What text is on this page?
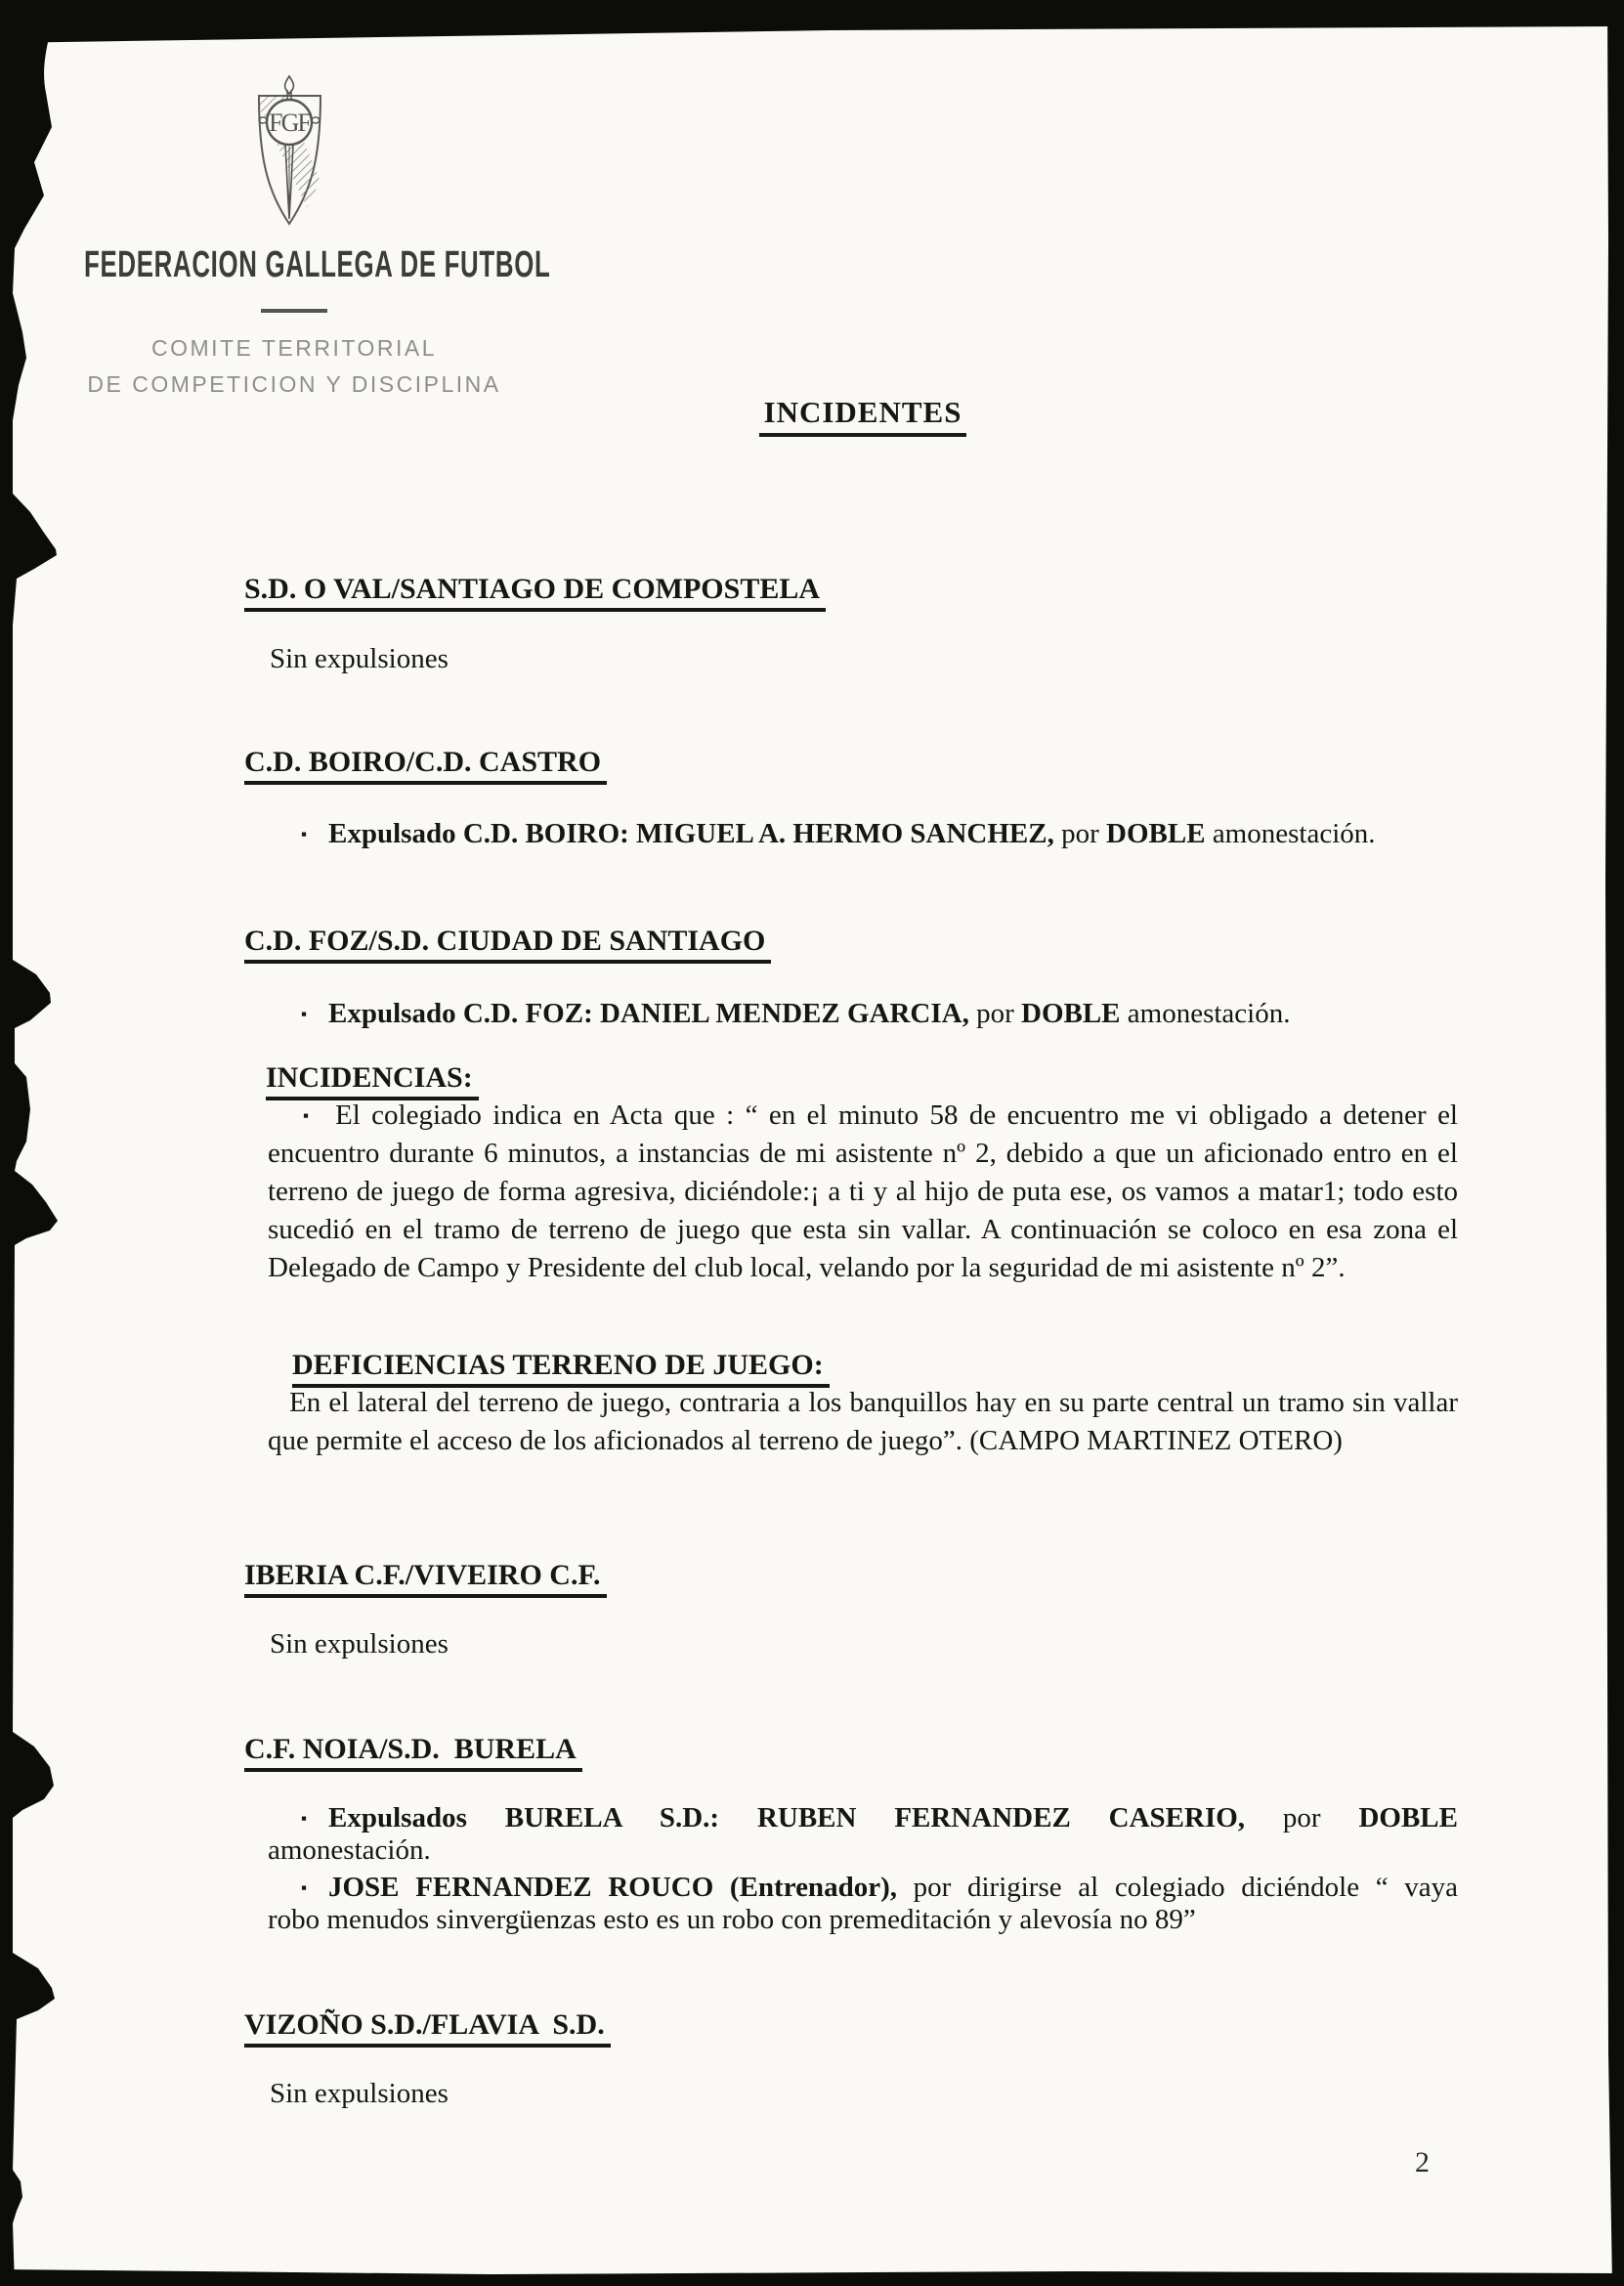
FGF
FEDERACION GALLEGA DE FUTBOL
COMITE TERRITORIAL
DE COMPETICION Y DISCIPLINA
INCIDENTES
S.D. O VAL/SANTIAGO DE COMPOSTELA
Sin expulsiones
C.D. BOIRO/C.D. CASTRO
▪ Expulsado C.D. BOIRO: MIGUEL A. HERMO SANCHEZ, por DOBLE amonestación.
C.D. FOZ/S.D. CIUDAD DE SANTIAGO
▪ Expulsado C.D. FOZ: DANIEL MENDEZ GARCIA, por DOBLE amonestación.
INCIDENCIAS:
▪ El colegiado indica en Acta que : “ en el minuto 58 de encuentro me vi obligado a detener el encuentro durante 6 minutos, a instancias de mi asistente nº 2, debido a que un aficionado entro en el terreno de juego de forma agresiva, diciéndole:¡ a ti y al hijo de puta ese, os vamos a matar1; todo esto sucedió en el tramo de terreno de juego que esta sin vallar. A continuación se coloco en esa zona el Delegado de Campo y Presidente del club local, velando por la seguridad de mi asistente nº 2”.
DEFICIENCIAS TERRENO DE JUEGO:
En el lateral del terreno de juego, contraria a los banquillos hay en su parte central un tramo sin vallar que permite el acceso de los aficionados al terreno de juego”. (CAMPO MARTINEZ OTERO)
IBERIA C.F./VIVEIRO C.F.
Sin expulsiones
C.F. NOIA/S.D.  BURELA
▪ Expulsados BURELA S.D.: RUBEN FERNANDEZ CASERIO, por DOBLE
amonestación.
▪ JOSE FERNANDEZ ROUCO (Entrenador), por dirigirse al colegiado diciéndole “ vaya
robo menudos sinvergüenzas esto es un robo con premeditación y alevosía no 89”
VIZOÑO S.D./FLAVIA  S.D.
Sin expulsiones
2
